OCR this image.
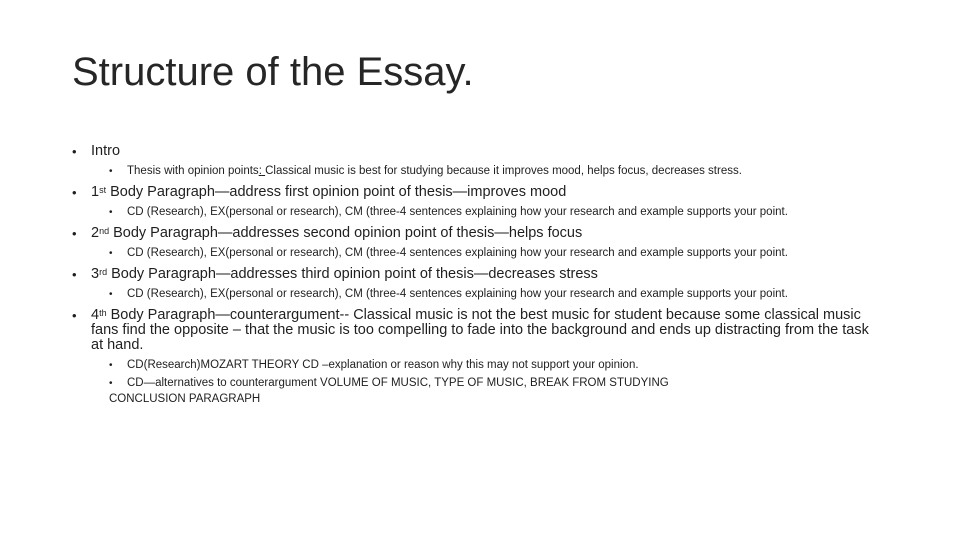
Structure of the Essay.
• Intro
• Thesis with opinion points: Classical music is best for studying because it improves mood, helps focus, decreases stress.
• 1st Body Paragraph—address first opinion point of thesis—improves mood
• CD (Research), EX(personal or research), CM (three-4 sentences explaining how your research and example supports your point.
• 2nd Body Paragraph—addresses second opinion point of thesis—helps focus
• CD (Research), EX(personal or research), CM (three-4 sentences explaining how your research and example supports your point.
• 3rd Body Paragraph—addresses third opinion point of thesis—decreases stress
• CD (Research), EX(personal or research), CM (three-4 sentences explaining how your research and example supports your point.
• 4th Body Paragraph—counterargument-- Classical music is not the best music for student because some classical music fans find the opposite – that the music is too compelling to fade into the background and ends up distracting from the task at hand.
• CD(Research)MOZART THEORY CD –explanation or reason why this may not support your opinion.
• CD—alternatives to counterargument VOLUME OF MUSIC, TYPE OF MUSIC, BREAK FROM STUDYING
CONCLUSION PARAGRAPH
